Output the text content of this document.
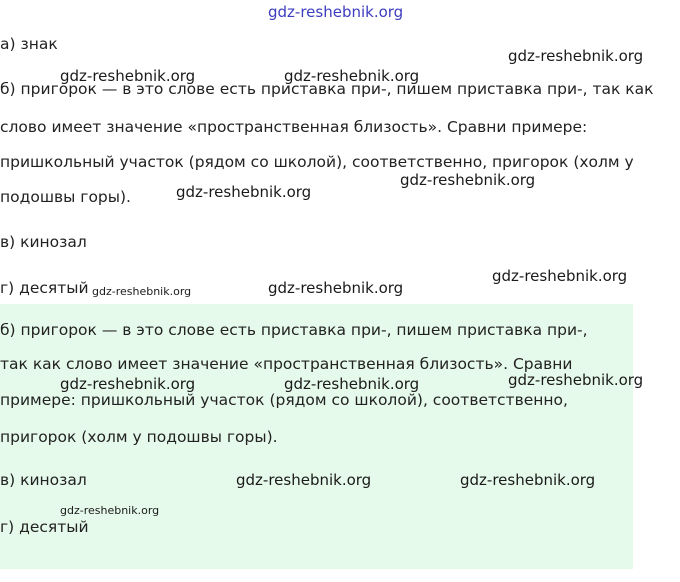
gdz-reshebnik.org
а) знак
б) пригорок — в это слове есть приставка при-, пишем приставка при-, так как
слово имеет значение «пространственная близость». Сравни примере:
пришкольный участок (рядом со школой), соответственно, пригорок (холм у
подошвы горы).
в) кинозал
г) десятый
б) пригорок — в это слове есть приставка при-, пишем приставка при-,
так как слово имеет значение «пространственная близость». Сравни
примере: пришкольный участок (рядом со школой), соответственно,
пригорок (холм у подошвы горы).
в) кинозал
г) десятый
gdz-reshebnik.org
gdz-reshebnik.org	gdz-reshebnik.org
gdz-reshebnik.org
gdz-reshebnik.org
gdz-reshebnik.org
gdz-reshebnik.org
gdz-reshebnik.org
gdz-reshebnik.org
gdz-reshebnik.org	gdz-reshebnik.org
gdz-reshebnik.org	gdz-reshebnik.org
gdz-reshebnik.org
